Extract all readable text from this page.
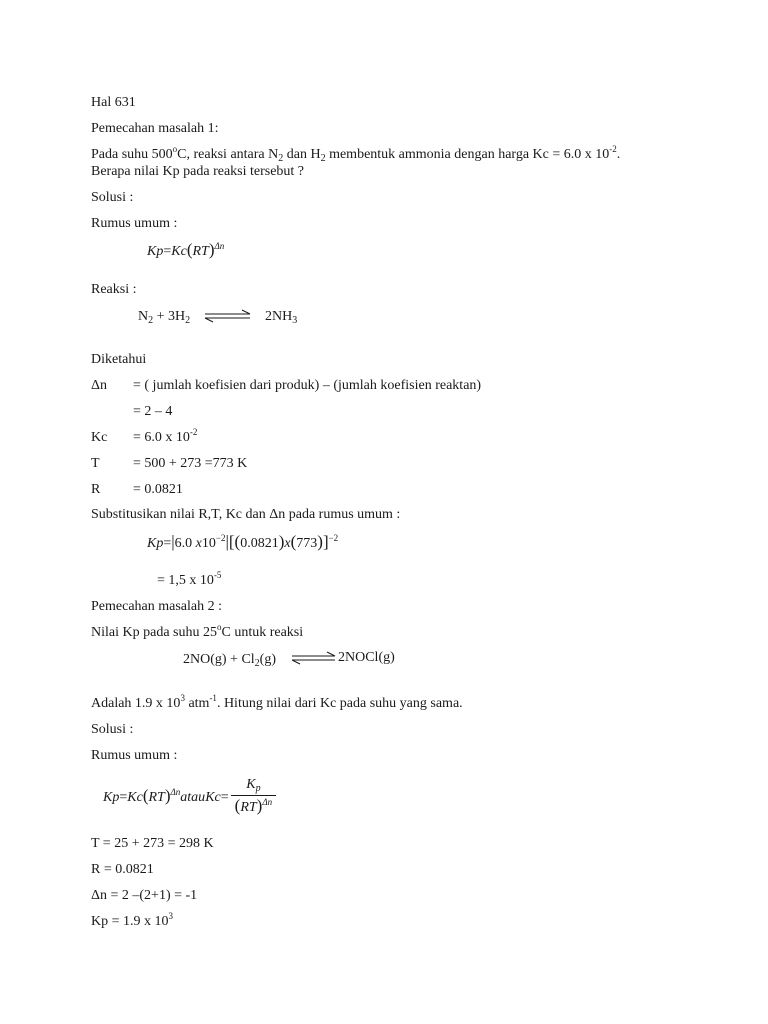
Hal 631
Pemecahan masalah 1:
Pada suhu 500$^o$C, reaksi antara $N_2$ dan $H_2$ membentuk ammonia dengan harga Kc = 6.0 x $10^{-2}$.
Berapa nilai Kp pada reaksi tersebut ?
Solusi :
Rumus umum :
Kp=Kc(RT)$^{\Delta n}$
Reaksi :
$N_2 + 3H_2$ ⇌ $2NH_3$
Diketahui
Δn = ( jumlah koefisien dari produk) – (jumlah koefisien reaktan)
= 2 – 4
Kc = 6.0 x $10^{-2}$
T = 500 + 273 =773 K
R = 0.0821
Substitusikan nilai R,T, Kc dan Δn pada rumus umum :
Kp=|6.0 $x10^{-2}|[(0.0821)x(773)]^{-2}$
= 1,5 x $10^{-5}$
Pemecahan masalah 2 :
Nilai Kp pada suhu 25$^o$C untuk reaksi
$2NO(g) + Cl_2(g)$ ⇌ 2NOCl(g)
Adalah 1.9 x $10^3$ atm$^{-1}$. Hitung nilai dari Kc pada suhu yang sama.
Solusi :
Rumus umum :
Kp=Kc(RT)$^{\Delta n}$atauKc= $\frac{K_p}{(RT)^{\Delta n}}$
T = 25 + 273 = 298 K
R = 0.0821
Δn = 2 –(2+1) = -1
Kp = 1.9 x $10^3$
